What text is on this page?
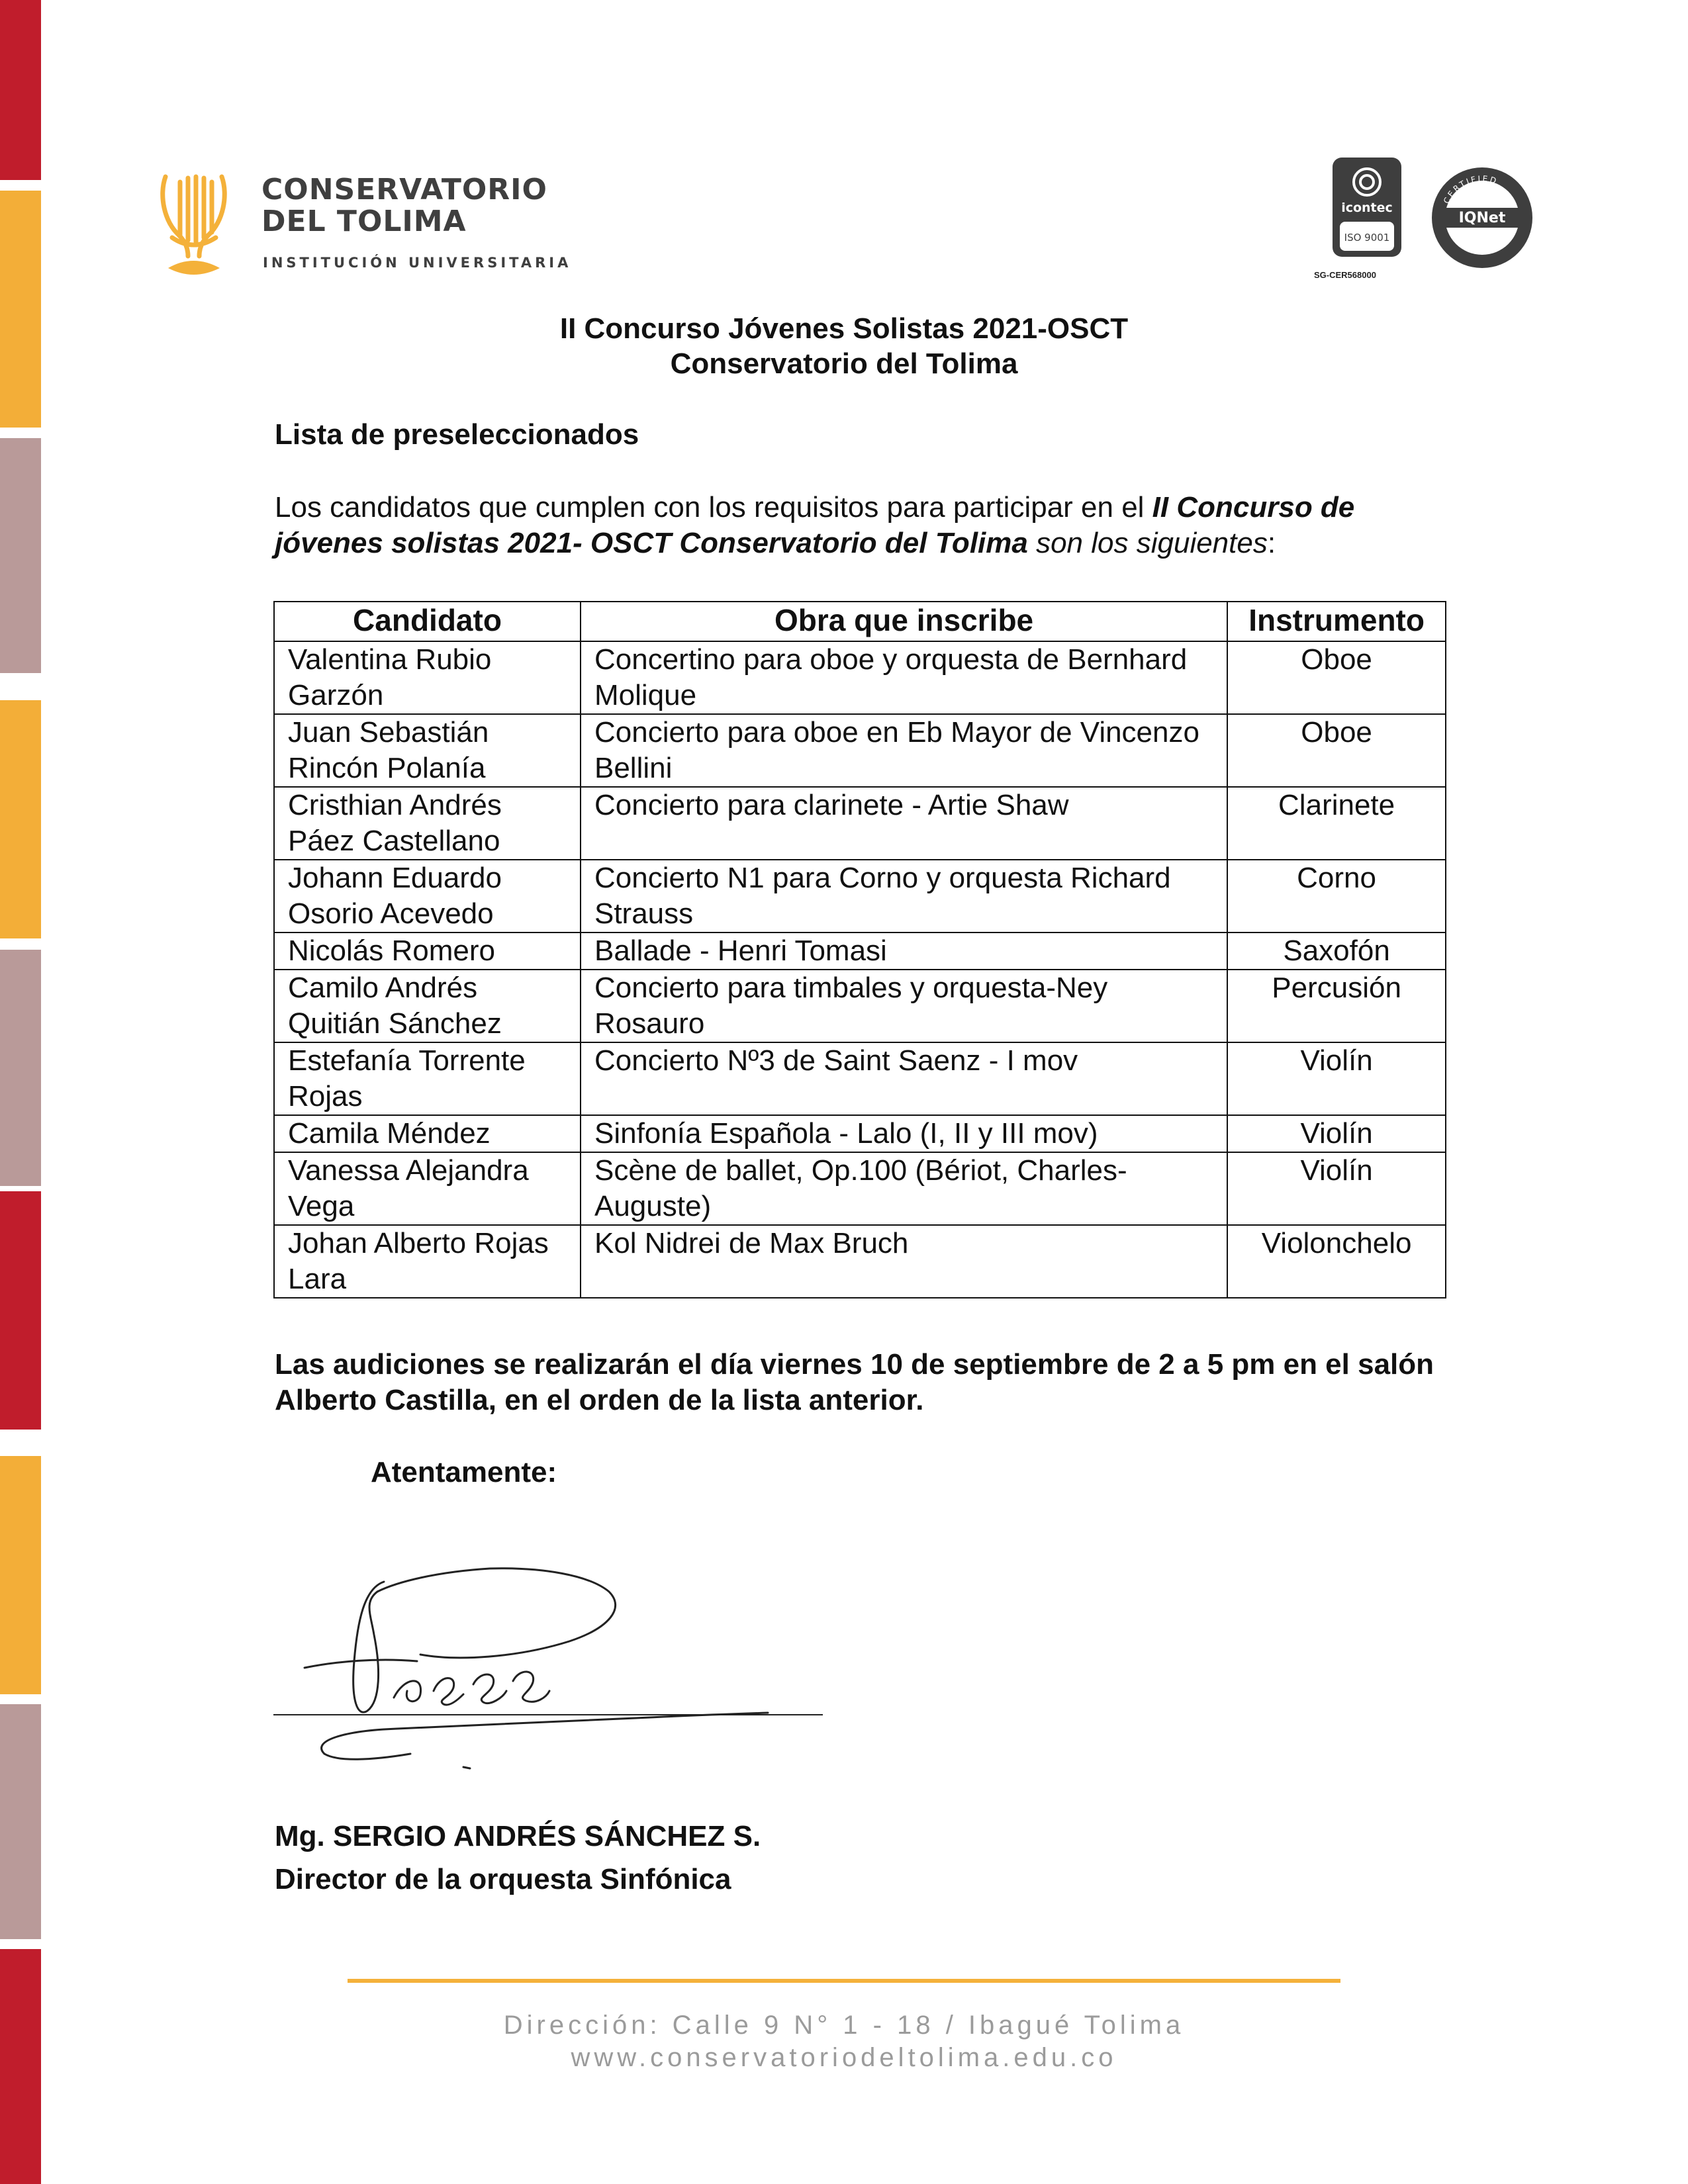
CONSERVATORIO
DEL TOLIMA
INSTITUCIÓN UNIVERSITARIA
icontec
ISO 9001
SG-CER568000
IQNet
CERTIFIED
II Concurso Jóvenes Solistas 2021-OSCT
Conservatorio del Tolima
Lista de preseleccionados
Los candidatos que cumplen con los requisitos para participar en el II Concurso de jóvenes solistas 2021- OSCT Conservatorio del Tolima son los siguientes:
Candidato	Obra que inscribe	Instrumento
Valentina Rubio Garzón	Concertino para oboe y orquesta de Bernhard Molique	Oboe
Juan Sebastián Rincón Polanía	Concierto para oboe en Eb Mayor de Vincenzo Bellini	Oboe
Cristhian Andrés Páez Castellano	Concierto para clarinete - Artie Shaw	Clarinete
Johann Eduardo Osorio Acevedo	Concierto N1 para Corno y orquesta Richard Strauss	Corno
Nicolás Romero	Ballade - Henri Tomasi	Saxofón
Camilo Andrés Quitián Sánchez	Concierto para timbales y orquesta-Ney Rosauro	Percusión
Estefanía Torrente Rojas	Concierto Nº3 de Saint Saenz - I mov	Violín
Camila Méndez	Sinfonía Española - Lalo (I, II y III mov)	Violín
Vanessa Alejandra Vega	Scène de ballet, Op.100 (Bériot, Charles-Auguste)	Violín
Johan Alberto Rojas Lara	Kol Nidrei de Max Bruch	Violonchelo
Las audiciones se realizarán el día viernes 10 de septiembre de 2 a 5 pm en el salón Alberto Castilla, en el orden de la lista anterior.
Atentamente:
Mg. SERGIO ANDRÉS SÁNCHEZ S.
Director de la orquesta Sinfónica
Dirección: Calle 9 N° 1 - 18 / Ibagué Tolima
www.conservatoriodeltolima.edu.co
